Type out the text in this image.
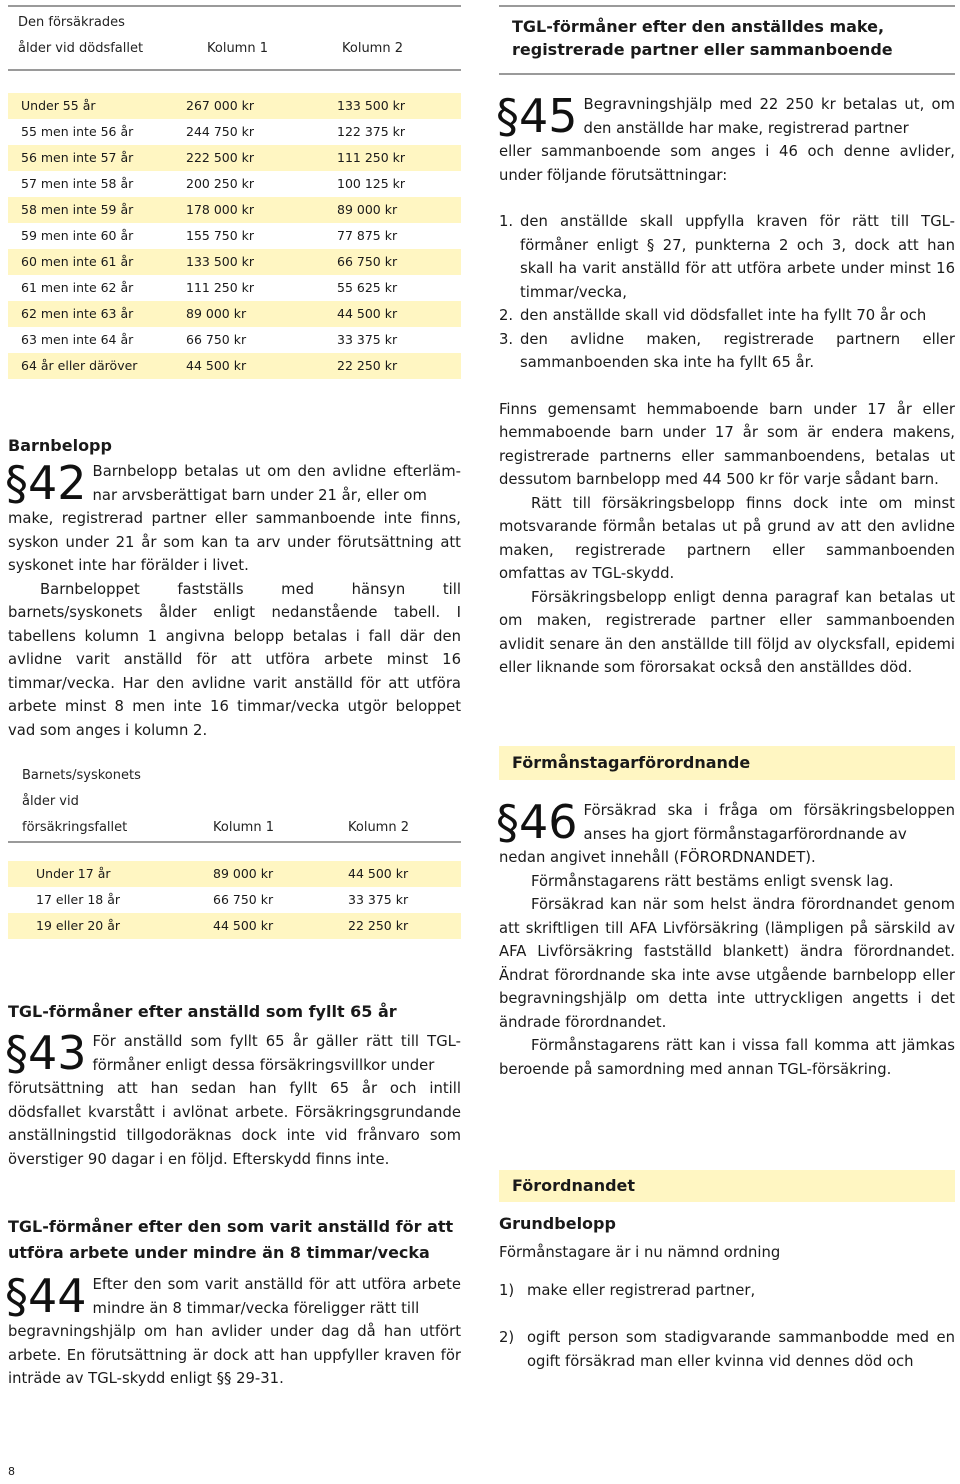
Den försäkrades
ålder vid dödsfallet	Kolumn 1	Kolumn 2
Under 55 år	267 000 kr	133 500 kr
55 men inte 56 år	244 750 kr	122 375 kr
56 men inte 57 år	222 500 kr	111 250 kr
57 men inte 58 år	200 250 kr	100 125 kr
58 men inte 59 år	178 000 kr	89 000 kr
59 men inte 60 år	155 750 kr	77 875 kr
60 men inte 61 år	133 500 kr	66 750 kr
61 men inte 62 år	111 250 kr	55 625 kr
62 men inte 63 år	89 000 kr	44 500 kr
63 men inte 64 år	66 750 kr	33 375 kr
64 år eller däröver	44 500 kr	22 250 kr

Barnbelopp

§42 Barnbelopp betalas ut om den avlidne efterlämnar arvsberättigat barn under 21 år, eller om

make, registrerad partner eller sammanboende inte finns, syskon under 21 år som kan ta arv under förutsättning att syskonet inte har förälder i livet.

Barnbeloppet fastställs med hänsyn till barnets/syskonets ålder enligt nedanstående tabell. I tabellens kolumn 1 angivna belopp betalas i fall där den avlidne varit anställd för att utföra arbete minst 16 timmar/vecka. Har den avlidne varit anställd för att utföra arbete minst 8 men inte 16 timmar/vecka utgör beloppet vad som anges i kolumn 2.

Barnets/syskonets
ålder vid
försäkringsfallet	Kolumn 1	Kolumn 2
Under 17 år	89 000 kr	44 500 kr
17 eller 18 år	66 750 kr	33 375 kr
19 eller 20 år	44 500 kr	22 250 kr

TGL-förmåner efter anställd som fyllt 65 år

§43 För anställd som fyllt 65 år gäller rätt till TGL-förmåner enligt dessa försäkringsvillkor under

förutsättning att han sedan han fyllt 65 år och intill dödsfallet kvarstått i avlönat arbete. Försäkringsgrundande anställningstid tillgodoräknas dock inte vid frånvaro som överstiger 90 dagar i en följd. Efterskydd finns inte.

TGL-förmåner efter den som varit anställd för att utföra arbete under mindre än 8 timmar/vecka

§44 Efter den som varit anställd för att utföra arbete mindre än 8 timmar/vecka föreligger rätt till

begravningshjälp om han avlider under dag då han utfört arbete. En förutsättning är dock att han uppfyller kraven för inträde av TGL-skydd enligt §§ 29-31.

8
TGL-förmåner efter den anställdes make, registrerade partner eller sammanboende
§45 Begravningshjälp med 22 250 kr betalas ut, om den anställde har make, registrerad partner

eller sammanboende som anges i 46 och denne avlider, under följande förutsättningar:

1. den anställde skall uppfylla kraven för rätt till TGL-förmåner enligt § 27, punkterna 2 och 3, dock att han skall ha varit anställd för att utföra arbete under minst 16 timmar/vecka,
2. den anställde skall vid dödsfallet inte ha fyllt 70 år och
3. den avlidne maken, registrerade partnern eller sammanboenden ska inte ha fyllt 65 år.

Finns gemensamt hemmaboende barn under 17 år eller hemmaboende barn under 17 år som är endera makens, registrerade partnerns eller sammanboendens, betalas ut dessutom barnbelopp med 44 500 kr för varje sådant barn.

Rätt till försäkringsbelopp finns dock inte om minst motsvarande förmån betalas ut på grund av att den avlidne maken, registrerade partnern eller sammanboenden omfattas av TGL-skydd.

Försäkringsbelopp enligt denna paragraf kan betalas ut om maken, registrerade partner eller sammanboenden avlidit senare än den anställde till följd av olycksfall, epidemi eller liknande som förorsakat också den anställdes död.

Förmånstagarförordnande
§46 Försäkrad ska i fråga om försäkringsbeloppen anses ha gjort förmånstagarförordnande av

nedan angivet innehåll (FÖRORDNANDET).

Förmånstagarens rätt bestäms enligt svensk lag.

Försäkrad kan när som helst ändra förordnandet genom att skriftligen till AFA Livförsäkring (lämpligen på särskild av AFA Livförsäkring fastställd blankett) ändra förordnandet. Ändrat förordnande ska inte avse utgående barnbelopp eller begravningshjälp om detta inte uttryckligen angetts i det ändrade förordnandet.

Förmånstagarens rätt kan i vissa fall komma att jämkas beroende på samordning med annan TGL-försäkring.

Förordnandet

Grundbelopp

Förmånstagare är i nu nämnd ordning

1) make eller registrerad partner,
2) ogift person som stadigvarande sammanbodde med en ogift försäkrad man eller kvinna vid dennes död och
